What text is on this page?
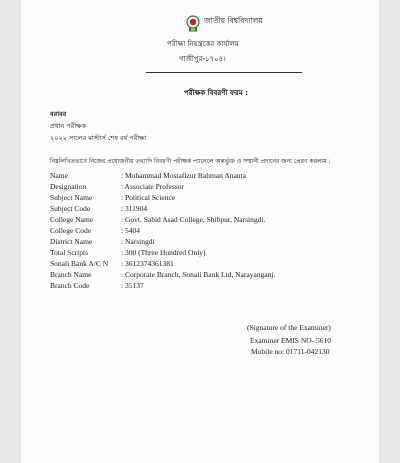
জাতীয় বিশ্ববিদ্যালয়
পরীক্ষা নিয়ন্ত্রকের কার্যালয়
গাজীপুর-১৭০৪।
পরীক্ষক বিবরণী ফরম :
বরাবর
প্রধান পরীক্ষক
২০২২ সালের মাস্টার্স শেষ বর্ষ পরীক্ষা
নিম্নলিখিতভাবে নিজের প্রয়োজনীয় তথ্যাদি বিবরণী পরীক্ষক প্যানেলে অন্তর্ভুক্ত ও সম্মানী প্রদানের জন্য প্রেরণ করলাম :
Name	: Mohammad Mostafizur Rahman Ananta
Designation	: Associate Professor
Subject Name	: Political Science
Subject Code	: 311904
College Name	: Govt. Sahid Asad College, Shibpur, Narsingdi.
College Code	: 5404
District Name	: Narsingdi
Total Scripts	: 300 (Three Hundred Only)
Sonali Bank A/C N : 3612374361381
Branch Name	: Corporate Branch, Sonali Bank Ltd, Narayanganj.
Branch Code	: 35137
(Signature of the Examiner)
Examiner EMIS NO- 5610
Mobile no: 01711-042130
